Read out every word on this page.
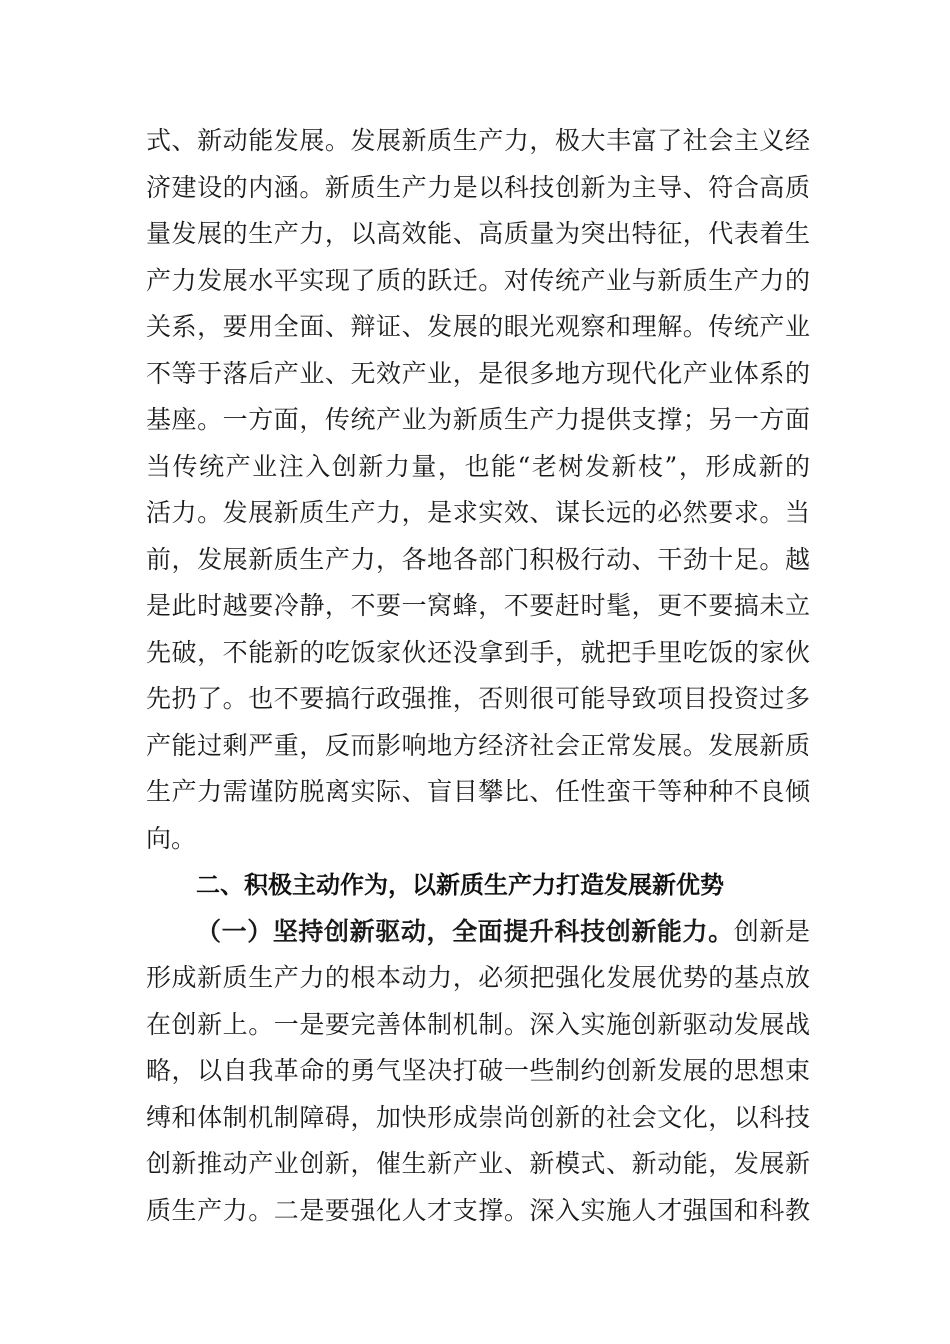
式、新动能发展。发展新质生产力，极大丰富了社会主义经
济建设的内涵。新质生产力是以科技创新为主导、符合高质
量发展的生产力，以高效能、高质量为突出特征，代表着生
产力发展水平实现了质的跃迁。对传统产业与新质生产力的
关系，要用全面、辩证、发展的眼光观察和理解。传统产业
不等于落后产业、无效产业，是很多地方现代化产业体系的
基座。一方面，传统产业为新质生产力提供支撑；另一方面
当传统产业注入创新力量，也能“老树发新枝”，形成新的
活力。发展新质生产力，是求实效、谋长远的必然要求。当
前，发展新质生产力，各地各部门积极行动、干劲十足。越
是此时越要冷静，不要一窝蜂，不要赶时髦，更不要搞未立
先破，不能新的吃饭家伙还没拿到手，就把手里吃饭的家伙
先扔了。也不要搞行政强推，否则很可能导致项目投资过多
产能过剩严重，反而影响地方经济社会正常发展。发展新质
生产力需谨防脱离实际、盲目攀比、任性蛮干等种种不良倾
向。
二、积极主动作为，以新质生产力打造发展新优势
（一）坚持创新驱动，全面提升科技创新能力。创新是
形成新质生产力的根本动力，必须把强化发展优势的基点放
在创新上。一是要完善体制机制。深入实施创新驱动发展战
略，以自我革命的勇气坚决打破一些制约创新发展的思想束
缚和体制机制障碍，加快形成崇尚创新的社会文化，以科技
创新推动产业创新，催生新产业、新模式、新动能，发展新
质生产力。二是要强化人才支撑。深入实施人才强国和科教
